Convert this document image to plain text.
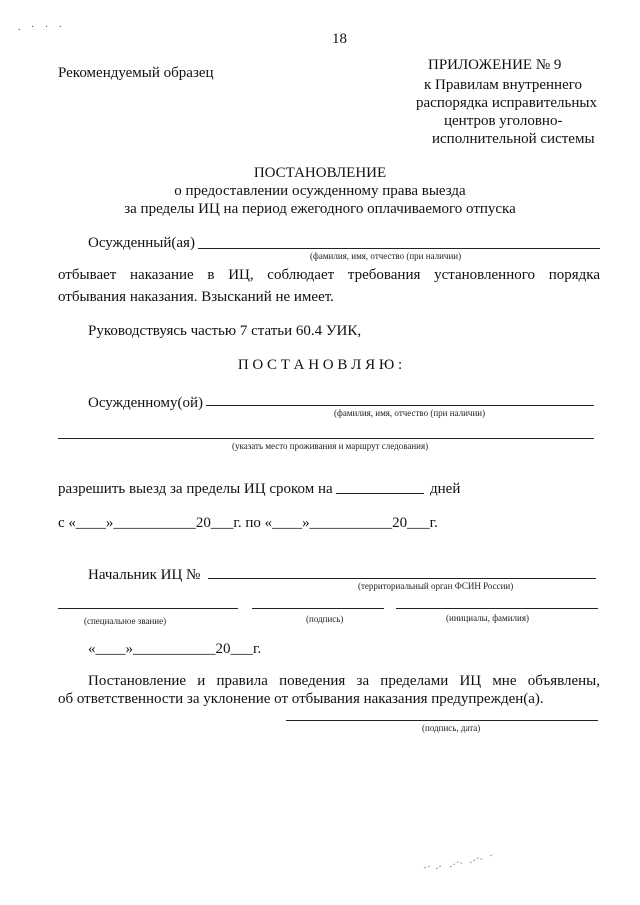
. · · ·
18
Рекомендуемый образец	ПРИЛОЖЕНИЕ № 9
к Правилам внутреннего
распорядка исправительных
центров уголовно-
исполнительной системы
ПОСТАНОВЛЕНИЕ
о предоставлении осужденному права выезда
за пределы ИЦ на период ежегодного оплачиваемого отпуска
Осужденный(ая)
(фамилия, имя, отчество (при наличии)
отбывает наказание в ИЦ, соблюдает требования установленного порядка
отбывания наказания. Взысканий не имеет.
Руководствуясь частью 7 статьи 60.4 УИК,
П О С Т А Н О В Л Я Ю :
Осужденному(ой)
(фамилия, имя, отчество (при наличии)
(указать место проживания и маршрут следования)
разрешить выезд за пределы ИЦ сроком на	дней
с «____»___________20___г. по «____»___________20___г.
Начальник ИЦ №
(территориальный орган ФСИН России)
(специальное звание)	(подпись)	(инициалы, фамилия)
«____»___________20___г.
Постановление и правила поведения за пределами ИЦ мне объявлены,
об ответственности за уклонение от отбывания наказания предупрежден(а).
(подпись, дата)
